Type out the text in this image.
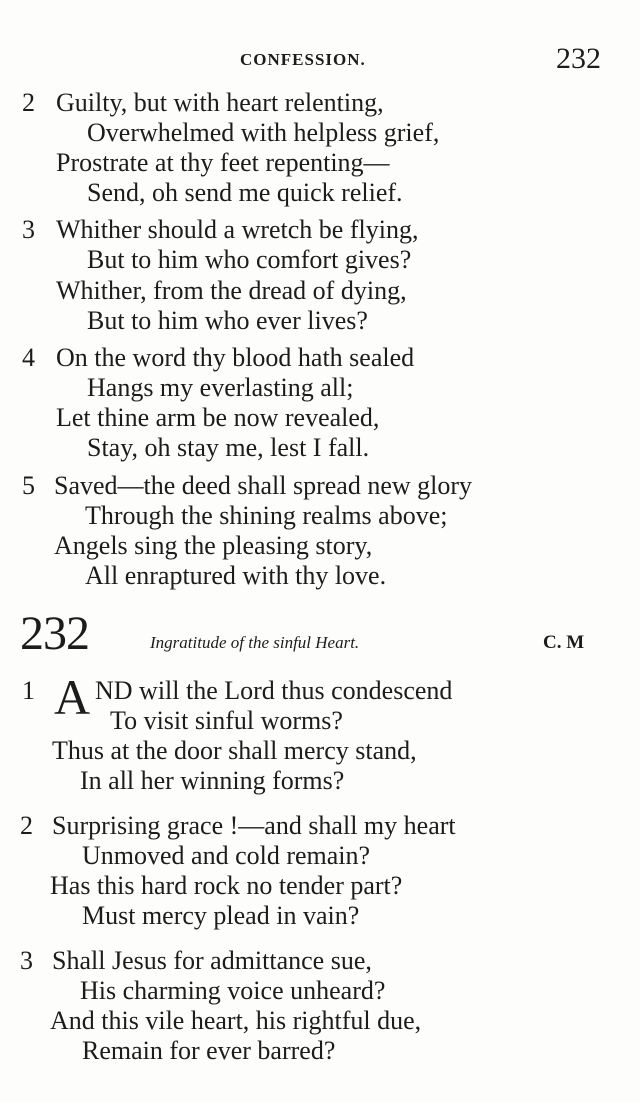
CONFESSION.	232
2 Guilty, but with heart relenting,
Overwhelmed with helpless grief,
Prostrate at thy feet repenting—
Send, oh send me quick relief.
3 Whither should a wretch be flying,
But to him who comfort gives?
Whither, from the dread of dying,
But to him who ever lives?
4 On the word thy blood hath sealed
Hangs my everlasting all;
Let thine arm be now revealed,
Stay, oh stay me, lest I fall.
5 Saved—the deed shall spread new glory
Through the shining realms above;
Angels sing the pleasing story,
All enraptured with thy love.
232	Ingratitude of the sinful Heart.	C. M
1 A ND will the Lord thus condescend
To visit sinful worms?
Thus at the door shall mercy stand,
In all her winning forms?
2 Surprising grace !—and shall my heart
Unmoved and cold remain?
Has this hard rock no tender part?
Must mercy plead in vain?
3 Shall Jesus for admittance sue,
His charming voice unheard?
And this vile heart, his rightful due,
Remain for ever barred?
